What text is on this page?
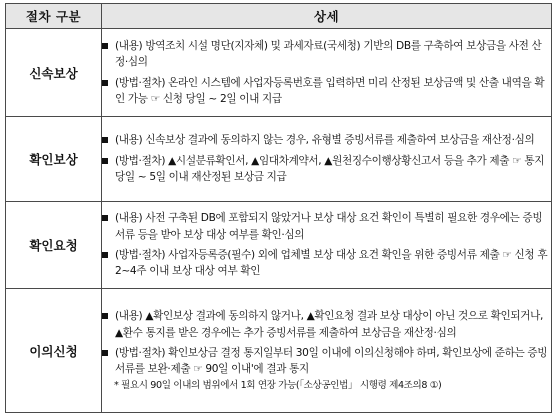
절차 구분	상세
신속보상	(내용) 방역조치 시설 명단(지자체) 및 과세자료(국세청) 기반의 DB를 구축하여 보상금을 사전 산정·심의
(방법·절차) 온라인 시스템에 사업자등록번호를 입력하면 미리 산정된 보상금액 및 산출 내역을 확인 가능 ☞ 신청 당일 ~ 2일 이내 지급

확인보상	(내용) 신속보상 결과에 동의하지 않는 경우, 유형별 증빙서류를 제출하여 보상금을 재산정·심의
(방법·절차) ▲시설분류확인서, ▲임대차계약서, ▲원천징수이행상황신고서 등을 추가 제출 ☞ 통지 당일 ~ 5일 이내 재산정된 보상금 지급

확인요청	(내용) 사전 구축된 DB에 포함되지 않았거나 보상 대상 요건 확인이 특별히 필요한 경우에는 증빙서류 등을 받아 보상 대상 여부를 확인·심의
(방법·절차) 사업자등록증(필수) 외에 업체별 보상 대상 요건 확인을 위한 증빙서류 제출 ☞ 신청 후 2~4주 이내 보상 대상 여부 확인

이의신청	(내용) ▲확인보상 결과에 동의하지 않거나, ▲확인요청 결과 보상 대상이 아닌 것으로 확인되거나, ▲환수 통지를 받은 경우에는 추가 증빙서류를 제출하여 보상금을 재산정·심의
(방법·절차) 확인보상금 결정 통지일부터 30일 이내에 이의신청해야 하며, 확인보상에 준하는 증빙서류를 보완·제출 ☞ 90일 이내'에 결과 통지
* 필요시 90일 이내의 범위에서 1회 연장 가능(「소상공인법」 시행령 제4조의8 ①)
